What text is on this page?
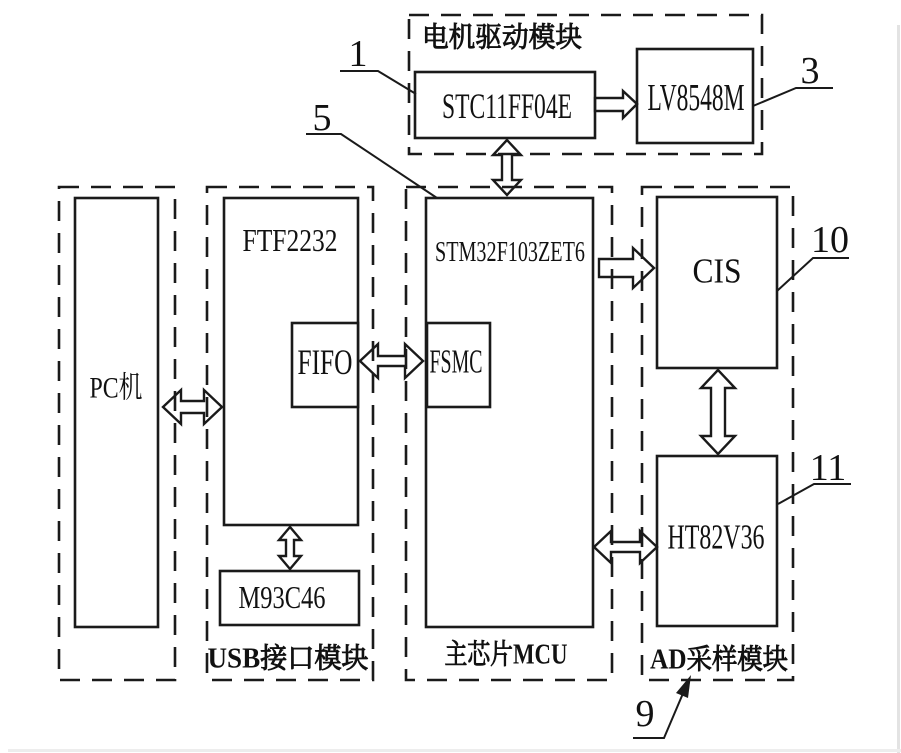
电机驱动模块
USB接口模块	主芯片MCU AD采样模块
STC11FF04E LV8548M
PC机
FTF2232
FIFO FSMC
M93C46
STM32F103ZET6	CIS
HT82V36
1	3
5
10
11
9
